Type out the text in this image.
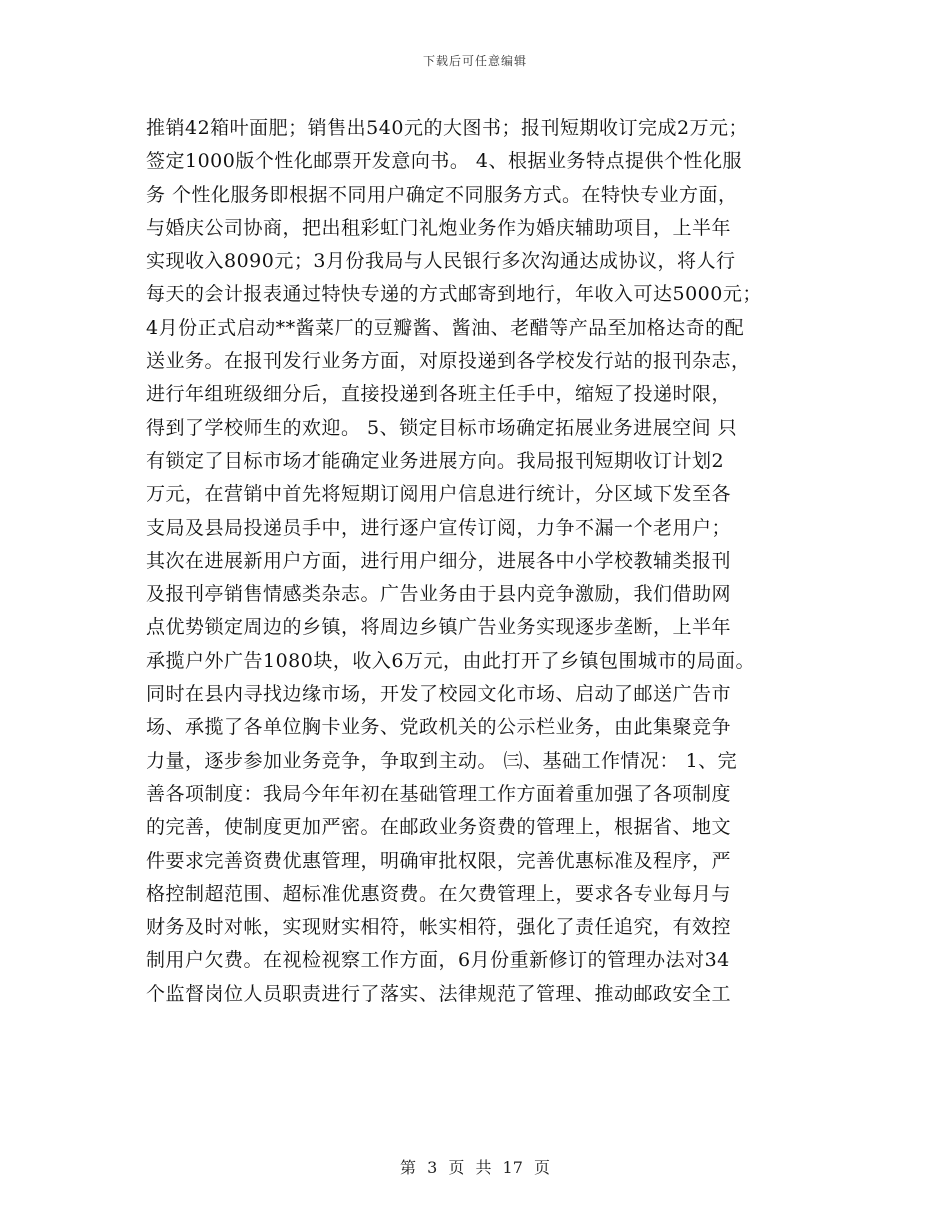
下载后可任意编辑
推销42箱叶面肥；销售出540元的大图书；报刊短期收订完成2万元；
签定1000版个性化邮票开发意向书。 4、根据业务特点提供个性化服
务 个性化服务即根据不同用户确定不同服务方式。在特快专业方面，
与婚庆公司协商，把出租彩虹门礼炮业务作为婚庆辅助项目，上半年
实现收入8090元；3月份我局与人民银行多次沟通达成协议，将人行
每天的会计报表通过特快专递的方式邮寄到地行，年收入可达5000元；
4月份正式启动**酱菜厂的豆瓣酱、酱油、老醋等产品至加格达奇的配
送业务。在报刊发行业务方面，对原投递到各学校发行站的报刊杂志，
进行年组班级细分后，直接投递到各班主任手中，缩短了投递时限，
得到了学校师生的欢迎。 5、锁定目标市场确定拓展业务进展空间 只
有锁定了目标市场才能确定业务进展方向。我局报刊短期收订计划2
万元，在营销中首先将短期订阅用户信息进行统计，分区域下发至各
支局及县局投递员手中，进行逐户宣传订阅，力争不漏一个老用户；
其次在进展新用户方面，进行用户细分，进展各中小学校教辅类报刊
及报刊亭销售情感类杂志。广告业务由于县内竞争激励，我们借助网
点优势锁定周边的乡镇，将周边乡镇广告业务实现逐步垄断，上半年
承揽户外广告1080块，收入6万元，由此打开了乡镇包围城市的局面。
同时在县内寻找边缘市场，开发了校园文化市场、启动了邮送广告市
场、承揽了各单位胸卡业务、党政机关的公示栏业务，由此集聚竞争
力量，逐步参加业务竞争，争取到主动。 ㈢、基础工作情况： 1、完
善各项制度：我局今年年初在基础管理工作方面着重加强了各项制度
的完善，使制度更加严密。在邮政业务资费的管理上，根据省、地文
件要求完善资费优惠管理，明确审批权限，完善优惠标准及程序，严
格控制超范围、超标准优惠资费。在欠费管理上，要求各专业每月与
财务及时对帐，实现财实相符，帐实相符，强化了责任追究，有效控
制用户欠费。在视检视察工作方面，6月份重新修订的管理办法对34
个监督岗位人员职责进行了落实、法律规范了管理、推动邮政安全工
第 3 页 共 17 页
